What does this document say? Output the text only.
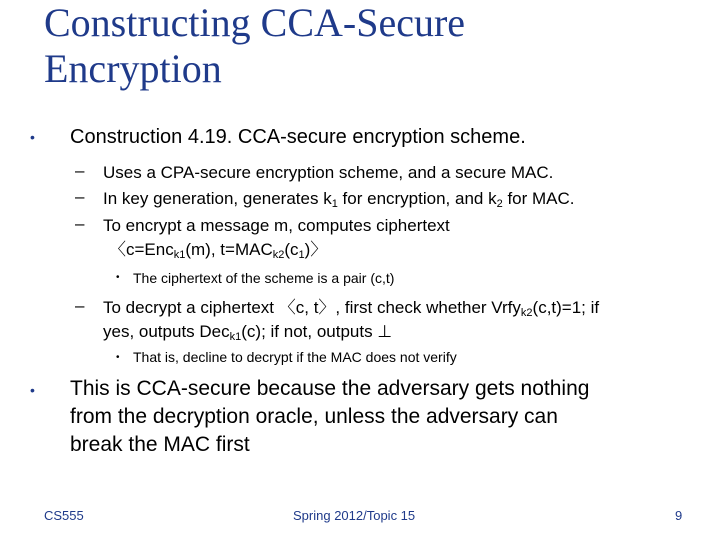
Constructing CCA-Secure
Encryption
• Construction 4.19. CCA-secure encryption scheme.
– Uses a CPA-secure encryption scheme, and a secure MAC.
– In key generation, generates $k_1$ for encryption, and $k_2$ for MAC.
– To encrypt a message m, computes ciphertext
〈c=Enc$_{k1}$(m), $t=MAC_{k2}(c_1)$〉
• The ciphertext of the scheme is a pair (c,t)
– To decrypt a ciphertext 〈c, t〉, first check whether Vrfy$_{k2}$(c,t)=1; if
yes, outputs Dec$_{k1}$(c); if not, outputs ⊥
• That is, decline to decrypt if the MAC does not verify
• This is CCA-secure because the adversary gets nothing
from the decryption oracle, unless the adversary can
break the MAC first
CS555	Spring 2012/Topic 15	9
